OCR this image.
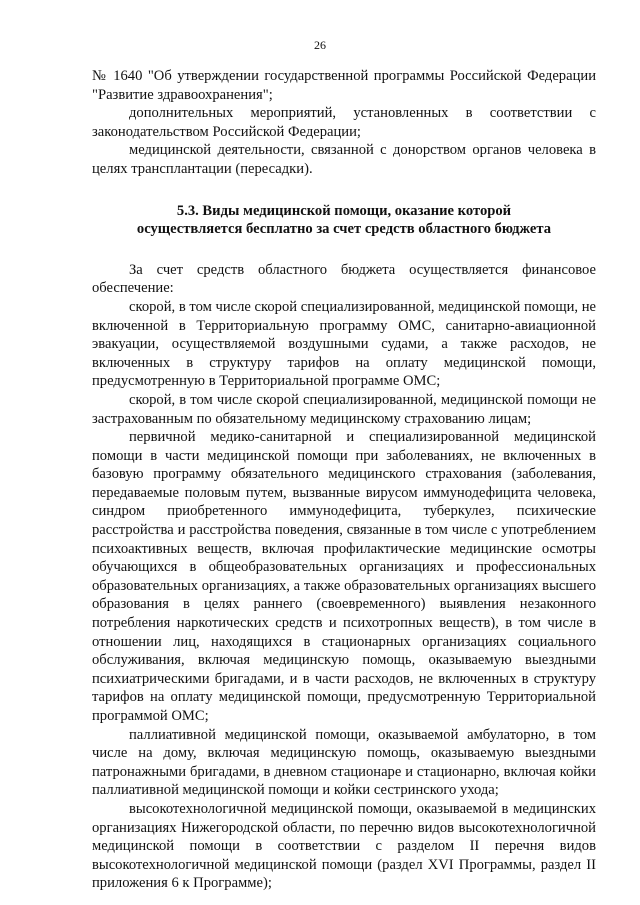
26

№ 1640 "Об утверждении государственной программы Российской Федерации "Развитие здравоохранения";

дополнительных мероприятий, установленных в соответствии с законодательством Российской Федерации;

медицинской деятельности, связанной с донорством органов человека в целях трансплантации (пересадки).

5.3. Виды медицинской помощи, оказание которой
осуществляется бесплатно за счет средств областного бюджета

За счет средств областного бюджета осуществляется финансовое обеспечение:

скорой, в том числе скорой специализированной, медицинской помощи, не включенной в Территориальную программу ОМС, санитарно-авиационной эвакуации, осуществляемой воздушными судами, а также расходов, не включенных в структуру тарифов на оплату медицинской помощи, предусмотренную в Территориальной программе ОМС;

скорой, в том числе скорой специализированной, медицинской помощи не застрахованным по обязательному медицинскому страхованию лицам;

первичной медико-санитарной и специализированной медицинской помощи в части медицинской помощи при заболеваниях, не включенных в базовую программу обязательного медицинского страхования (заболевания, передаваемые половым путем, вызванные вирусом иммунодефицита человека, синдром приобретенного иммунодефицита, туберкулез, психические расстройства и расстройства поведения, связанные в том числе с употреблением психоактивных веществ, включая профилактические медицинские осмотры обучающихся в общеобразовательных организациях и профессиональных образовательных организациях, а также образовательных организациях высшего образования в целях раннего (своевременного) выявления незаконного потребления наркотических средств и психотропных веществ), в том числе в отношении лиц, находящихся в стационарных организациях социального обслуживания, включая медицинскую помощь, оказываемую выездными психиатрическими бригадами, и в части расходов, не включенных в структуру тарифов на оплату медицинской помощи, предусмотренную Территориальной программой ОМС;

паллиативной медицинской помощи, оказываемой амбулаторно, в том числе на дому, включая медицинскую помощь, оказываемую выездными патронажными бригадами, в дневном стационаре и стационарно, включая койки паллиативной медицинской помощи и койки сестринского ухода;

высокотехнологичной медицинской помощи, оказываемой в медицинских организациях Нижегородской области, по перечню видов высокотехнологичной медицинской помощи в соответствии с разделом II перечня видов высокотехнологичной медицинской помощи (раздел XVI Программы, раздел II приложения 6 к Программе);
